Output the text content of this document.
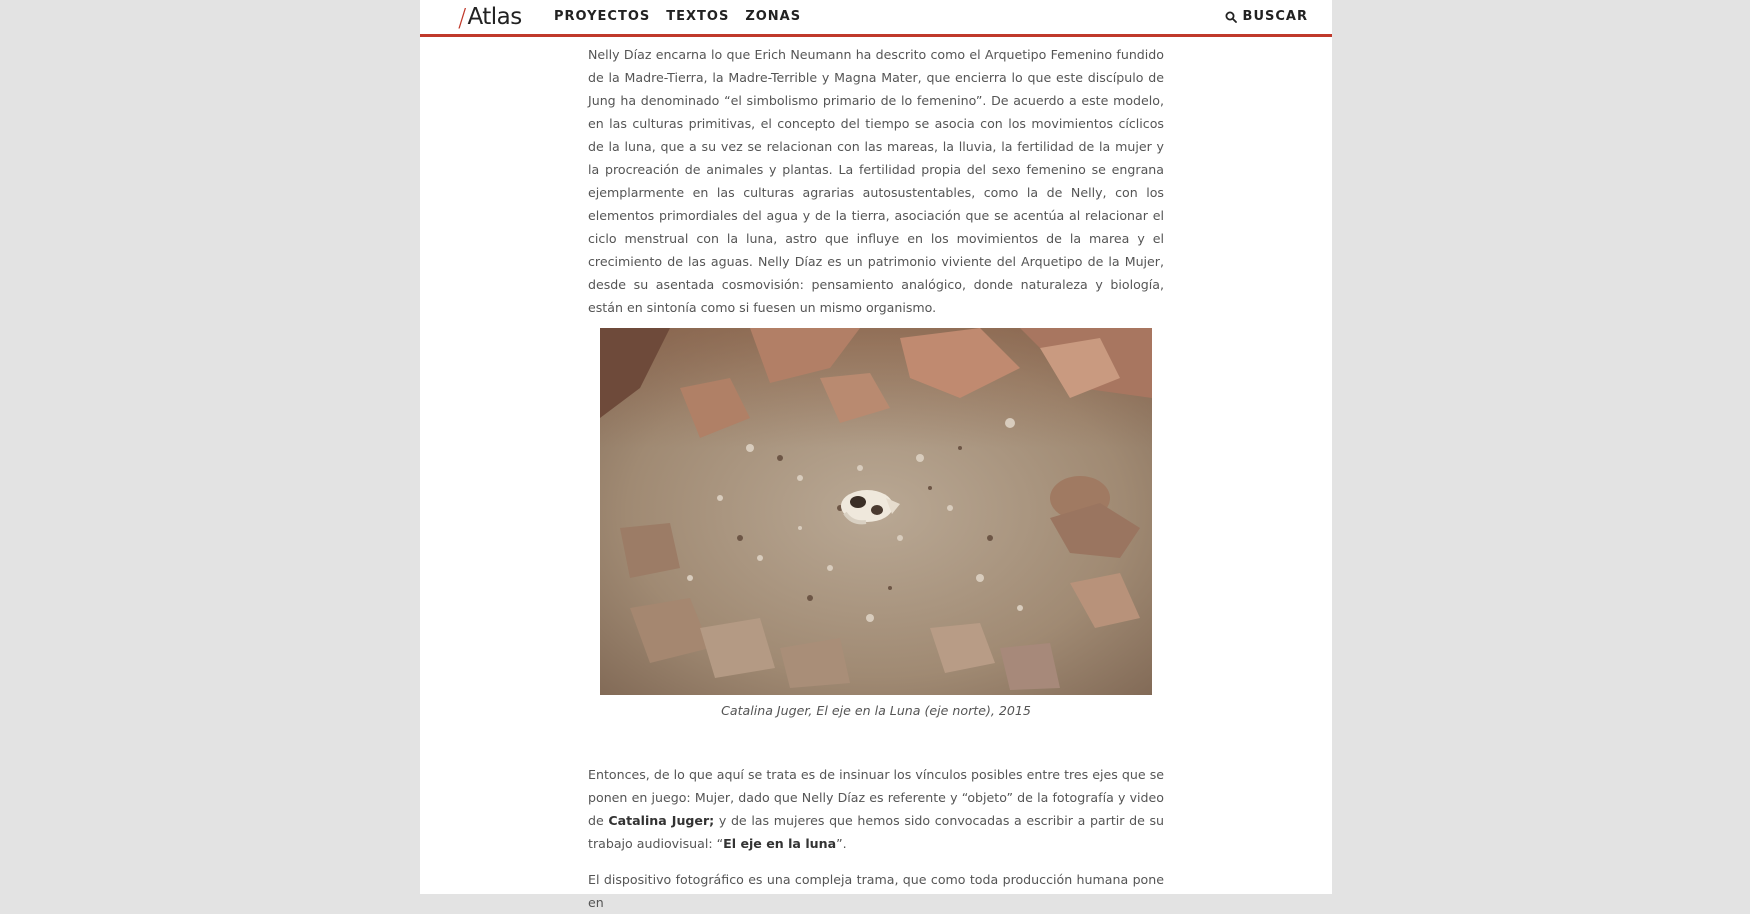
/ Atlas PROYECTOS TEXTOS ZONAS	BUSCAR
Nelly Díaz encarna lo que Erich Neumann ha descrito como el Arquetipo Femenino fundido de la Madre-Tierra, la Madre-Terrible y Magna Mater, que encierra lo que este discípulo de Jung ha denominado “el simbolismo primario de lo femenino”. De acuerdo a este modelo, en las culturas primitivas, el concepto del tiempo se asocia con los movimientos cíclicos de la luna, que a su vez se relacionan con las mareas, la lluvia, la fertilidad de la mujer y la procreación de animales y plantas. La fertilidad propia del sexo femenino se engrana ejemplarmente en las culturas agrarias autosustentables, como la de Nelly, con los elementos primordiales del agua y de la tierra, asociación que se acentúa al relacionar el ciclo menstrual con la luna, astro que influye en los movimientos de la marea y el crecimiento de las aguas. Nelly Díaz es un patrimonio viviente del Arquetipo de la Mujer, desde su asentada cosmovisión: pensamiento analógico, donde naturaleza y biología, están en sintonía como si fuesen un mismo organismo.
Catalina Juger, El eje en la Luna (eje norte), 2015
Entonces, de lo que aquí se trata es de insinuar los vínculos posibles entre tres ejes que se ponen en juego: Mujer, dado que Nelly Díaz es referente y “objeto” de la fotografía y video de Catalina Juger; y de las mujeres que hemos sido convocadas a escribir a partir de su trabajo audiovisual: “El eje en la luna”.
El dispositivo fotográfico es una compleja trama, que como toda producción humana pone en
